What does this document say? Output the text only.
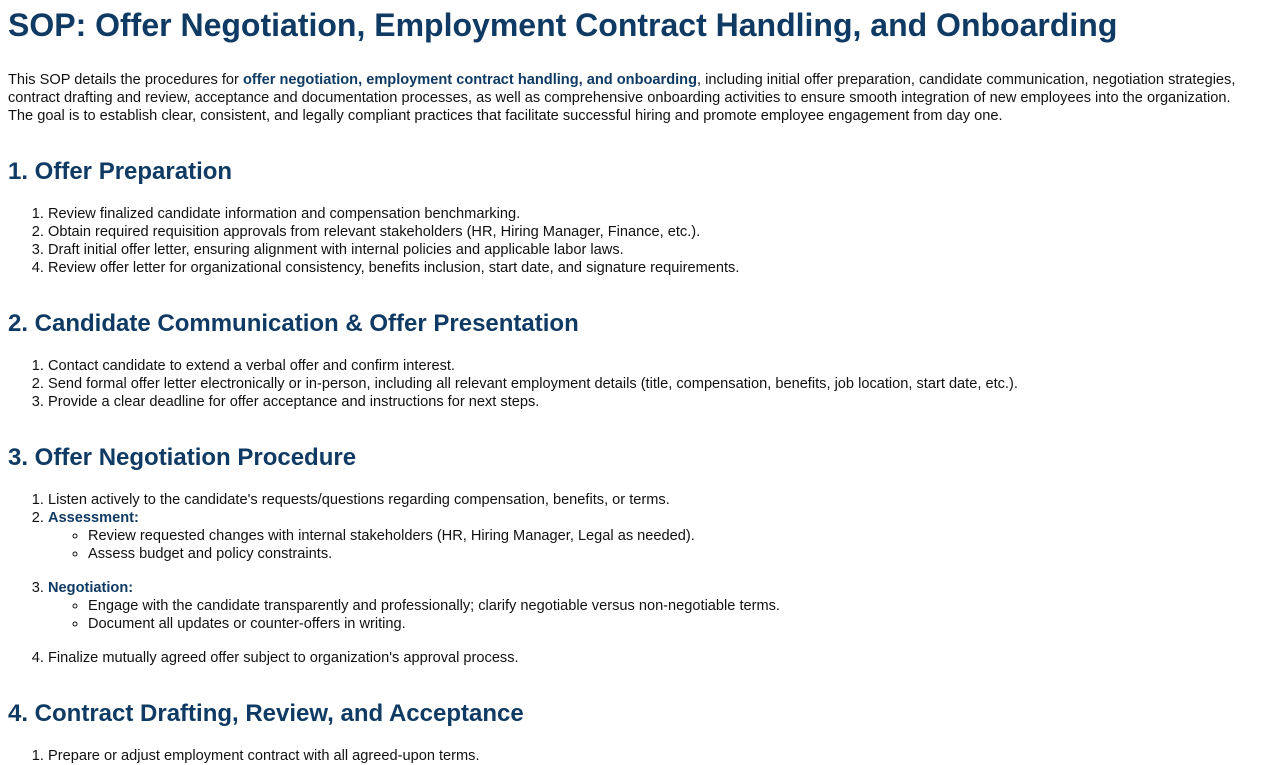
SOP: Offer Negotiation, Employment Contract Handling, and Onboarding

This SOP details the procedures for offer negotiation, employment contract handling, and onboarding, including initial offer preparation, candidate communication, negotiation strategies, contract drafting and review, acceptance and documentation processes, as well as comprehensive onboarding activities to ensure smooth integration of new employees into the organization. The goal is to establish clear, consistent, and legally compliant practices that facilitate successful hiring and promote employee engagement from day one.

1. Offer Preparation
1. Review finalized candidate information and compensation benchmarking.
2. Obtain required requisition approvals from relevant stakeholders (HR, Hiring Manager, Finance, etc.).
3. Draft initial offer letter, ensuring alignment with internal policies and applicable labor laws.
4. Review offer letter for organizational consistency, benefits inclusion, start date, and signature requirements.
2. Candidate Communication & Offer Presentation
1. Contact candidate to extend a verbal offer and confirm interest.
2. Send formal offer letter electronically or in-person, including all relevant employment details (title, compensation, benefits, job location, start date, etc.).
3. Provide a clear deadline for offer acceptance and instructions for next steps.
3. Offer Negotiation Procedure
1. Listen actively to the candidate's requests/questions regarding compensation, benefits, or terms.
2. Assessment:
◦ Review requested changes with internal stakeholders (HR, Hiring Manager, Legal as needed).
◦ Assess budget and policy constraints.
3. Negotiation:
◦ Engage with the candidate transparently and professionally; clarify negotiable versus non-negotiable terms.
◦ Document all updates or counter-offers in writing.
4. Finalize mutually agreed offer subject to organization's approval process.
4. Contract Drafting, Review, and Acceptance
1. Prepare or adjust employment contract with all agreed-upon terms.
